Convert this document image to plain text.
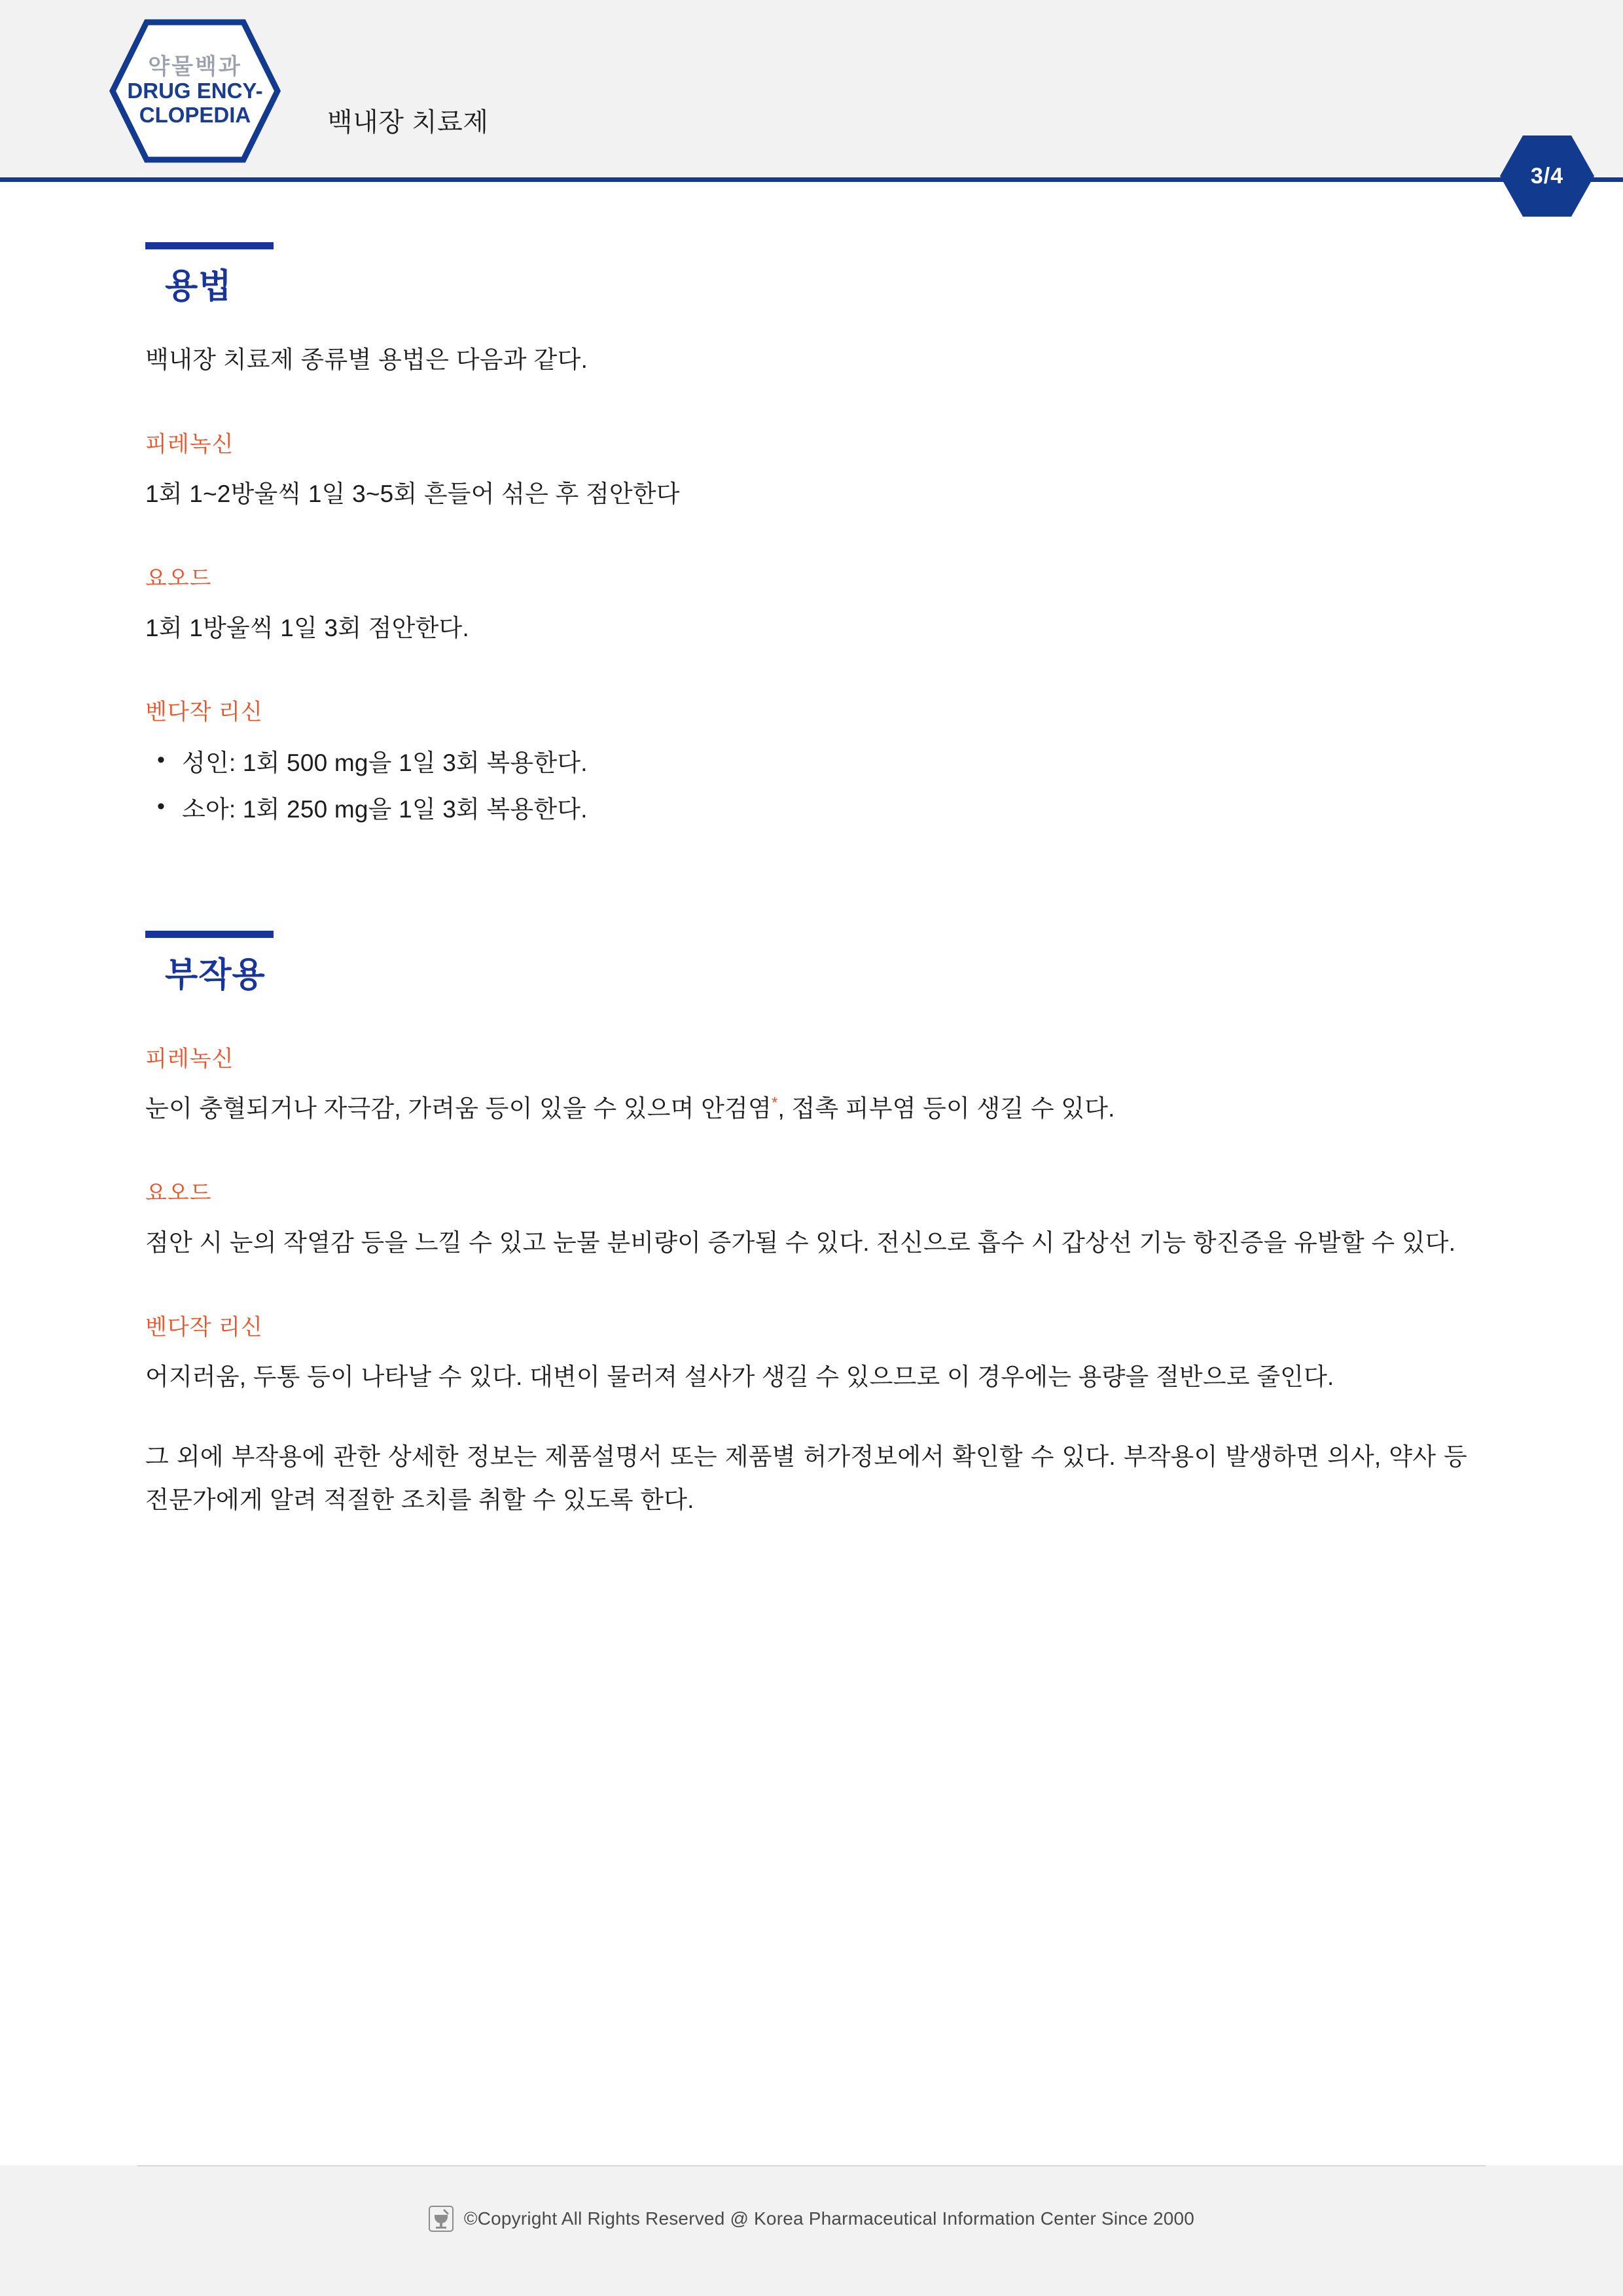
약물백과
DRUG ENCY-
CLOPEDIA	백내장 치료제
3/4
용법
백내장 치료제 종류별 용법은 다음과 같다.
피레녹신
1회 1~2방울씩 1일 3~5회 흔들어 섞은 후 점안한다
요오드
1회 1방울씩 1일 3회 점안한다.
벤다작 리신
• 성인: 1회 500 mg을 1일 3회 복용한다.
• 소아: 1회 250 mg을 1일 3회 복용한다.
부작용
피레녹신
눈이 충혈되거나 자극감, 가려움 등이 있을 수 있으며 안검염*, 접촉 피부염 등이 생길 수 있다.
요오드
점안 시 눈의 작열감 등을 느낄 수 있고 눈물 분비량이 증가될 수 있다. 전신으로 흡수 시 갑상선 기능 항진증을 유발할 수 있다.
벤다작 리신
어지러움, 두통 등이 나타날 수 있다. 대변이 물러져 설사가 생길 수 있으므로 이 경우에는 용량을 절반으로 줄인다.
그 외에 부작용에 관한 상세한 정보는 제품설명서 또는 제품별 허가정보에서 확인할 수 있다. 부작용이 발생하면 의사, 약사 등 전문가에게 알려 적절한 조치를 취할 수 있도록 한다.
©Copyright All Rights Reserved @ Korea Pharmaceutical Information Center Since 2000
